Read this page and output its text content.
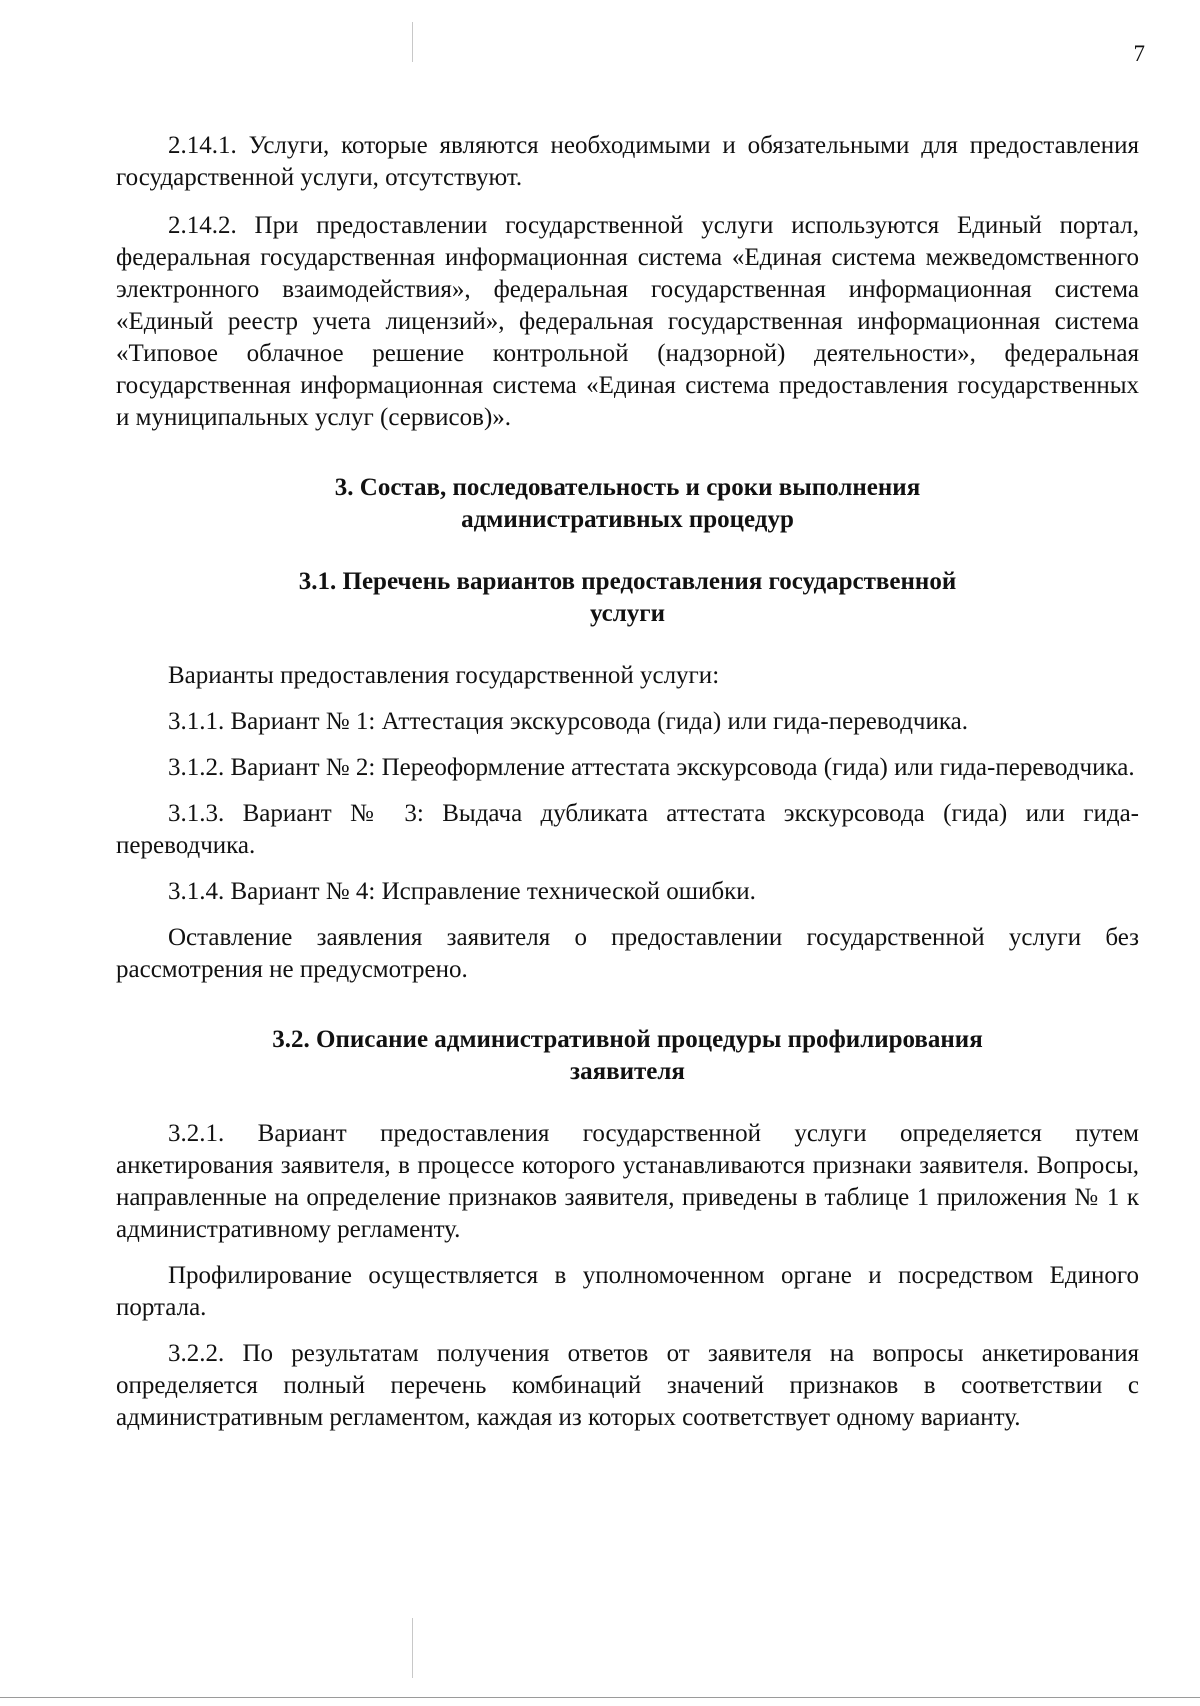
7

2.14.1. Услуги, которые являются необходимыми и обязательными для предоставления государственной услуги, отсутствуют.

2.14.2. При предоставлении государственной услуги используются Единый портал, федеральная государственная информационная система «Единая система межведомственного электронного взаимодействия», федеральная государственная информационная система «Единый реестр учета лицензий», федеральная государственная информационная система «Типовое облачное решение контрольной (надзорной) деятельности», федеральная государственная информационная система «Единая система предоставления государственных и муниципальных услуг (сервисов)».

3. Состав, последовательность и сроки выполнения
административных процедур
3.1. Перечень вариантов предоставления государственной
услуги

Варианты предоставления государственной услуги:

3.1.1. Вариант № 1: Аттестация экскурсовода (гида) или гида-переводчика.

3.1.2. Вариант № 2: Переоформление аттестата экскурсовода (гида) или гида-переводчика.

3.1.3. Вариант № 3: Выдача дубликата аттестата экскурсовода (гида) или гида-переводчика.

3.1.4. Вариант № 4: Исправление технической ошибки.

Оставление заявления заявителя о предоставлении государственной услуги без рассмотрения не предусмотрено.

3.2. Описание административной процедуры профилирования
заявителя

3.2.1. Вариант предоставления государственной услуги определяется путем анкетирования заявителя, в процессе которого устанавливаются признаки заявителя. Вопросы, направленные на определение признаков заявителя, приведены в таблице 1 приложения № 1 к административному регламенту.

Профилирование осуществляется в уполномоченном органе и посредством Единого портала.

3.2.2. По результатам получения ответов от заявителя на вопросы анкетирования определяется полный перечень комбинаций значений признаков в соответствии с административным регламентом, каждая из которых соответствует одному варианту.
